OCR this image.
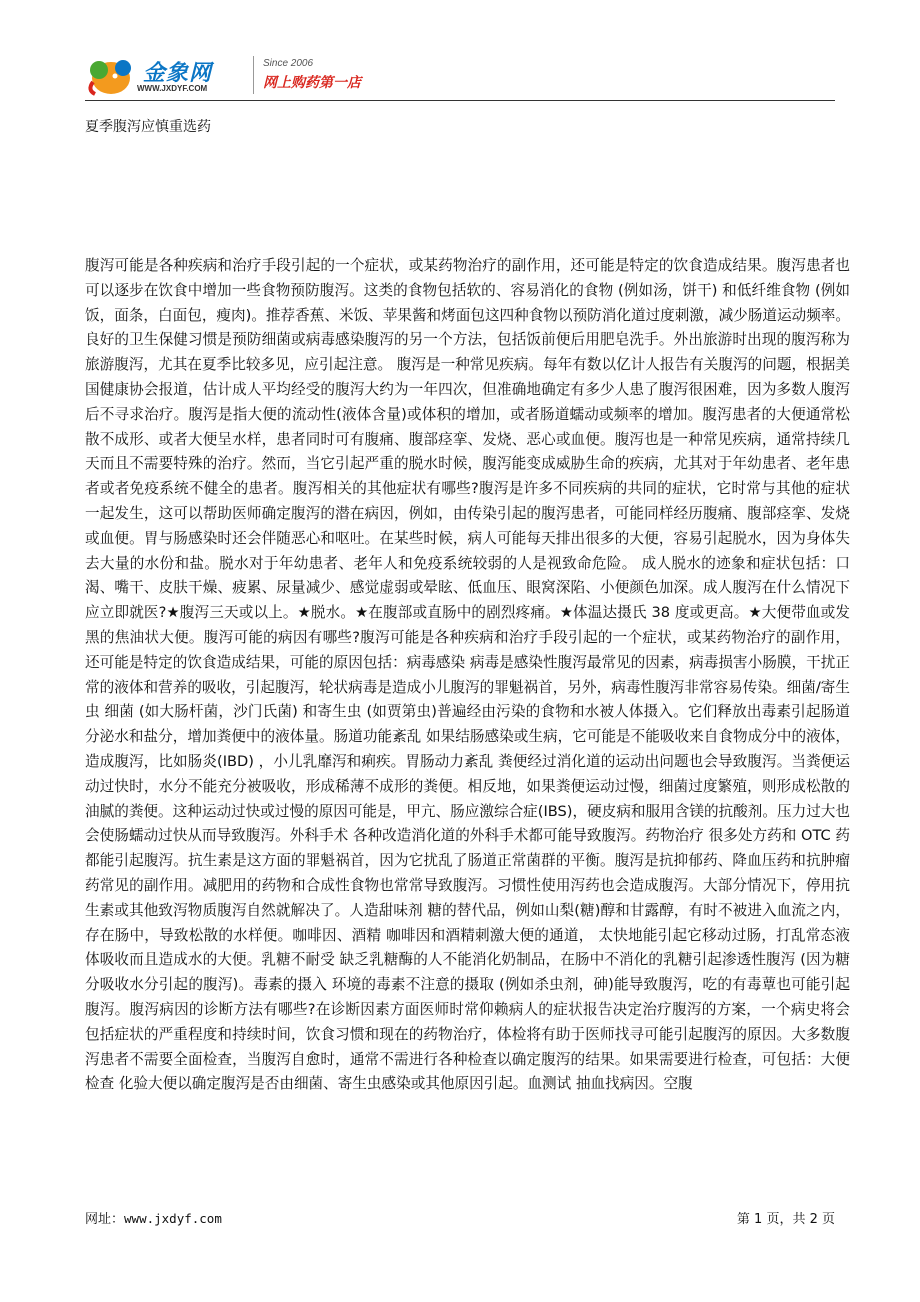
金象网
WWW.JXDYF.COM
Since 2006
网上购药第一店
夏季腹泻应慎重选药
腹泻可能是各种疾病和治疗手段引起的一个症状，或某药物治疗的副作用，还可能是特定的饮食造成结果。腹泻患者也可以逐步在饮食中增加一些食物预防腹泻。这类的食物包括软的、容易消化的食物 (例如汤，饼干) 和低纤维食物 (例如饭，面条，白面包，瘦肉)。推荐香蕉、米饭、苹果酱和烤面包这四种食物以预防消化道过度刺激，减少肠道运动频率。良好的卫生保健习惯是预防细菌或病毒感染腹泻的另一个方法，包括饭前便后用肥皂洗手。外出旅游时出现的腹泻称为旅游腹泻，尤其在夏季比较多见，应引起注意。 腹泻是一种常见疾病。每年有数以亿计人报告有关腹泻的问题，根据美国健康协会报道，估计成人平均经受的腹泻大约为一年四次，但准确地确定有多少人患了腹泻很困难，因为多数人腹泻后不寻求治疗。腹泻是指大便的流动性(液体含量)或体积的增加，或者肠道蠕动或频率的增加。腹泻患者的大便通常松散不成形、或者大便呈水样，患者同时可有腹痛、腹部痉挛、发烧、恶心或血便。腹泻也是一种常见疾病，通常持续几天而且不需要特殊的治疗。然而，当它引起严重的脱水时候，腹泻能变成威胁生命的疾病，尤其对于年幼患者、老年患者或者免疫系统不健全的患者。腹泻相关的其他症状有哪些?腹泻是许多不同疾病的共同的症状，它时常与其他的症状一起发生，这可以帮助医师确定腹泻的潜在病因，例如，由传染引起的腹泻患者，可能同样经历腹痛、腹部痉挛、发烧或血便。胃与肠感染时还会伴随恶心和呕吐。在某些时候，病人可能每天排出很多的大便，容易引起脱水，因为身体失去大量的水份和盐。脱水对于年幼患者、老年人和免疫系统较弱的人是视致命危险。 成人脱水的迹象和症状包括：口渴、嘴干、皮肤干燥、疲累、尿量减少、感觉虚弱或晕眩、低血压、眼窝深陷、小便颜色加深。成人腹泻在什么情况下应立即就医?★腹泻三天或以上。★脱水。★在腹部或直肠中的剧烈疼痛。★体温达摄氏 38 度或更高。★大便带血或发黑的焦油状大便。腹泻可能的病因有哪些?腹泻可能是各种疾病和治疗手段引起的一个症状，或某药物治疗的副作用，还可能是特定的饮食造成结果，可能的原因包括：病毒感染 病毒是感染性腹泻最常见的因素，病毒损害小肠膜，干扰正常的液体和营养的吸收，引起腹泻，轮状病毒是造成小儿腹泻的罪魁祸首，另外，病毒性腹泻非常容易传染。细菌/寄生虫 细菌 (如大肠杆菌，沙门氏菌) 和寄生虫 (如贾第虫)普遍经由污染的食物和水被人体摄入。它们释放出毒素引起肠道分泌水和盐分，增加粪便中的液体量。肠道功能紊乱 如果结肠感染或生病，它可能是不能吸收来自食物成分中的液体，造成腹泻，比如肠炎(IBD) ，小儿乳靡泻和痢疾。胃肠动力紊乱 粪便经过消化道的运动出问题也会导致腹泻。当粪便运动过快时，水分不能充分被吸收，形成稀薄不成形的粪便。相反地，如果粪便运动过慢，细菌过度繁殖，则形成松散的油腻的粪便。这种运动过快或过慢的原因可能是，甲亢、肠应激综合症(IBS)，硬皮病和服用含镁的抗酸剂。压力过大也会使肠蠕动过快从而导致腹泻。外科手术 各种改造消化道的外科手术都可能导致腹泻。药物治疗 很多处方药和 OTC 药都能引起腹泻。抗生素是这方面的罪魁祸首，因为它扰乱了肠道正常菌群的平衡。腹泻是抗抑郁药、降血压药和抗肿瘤药常见的副作用。减肥用的药物和合成性食物也常常导致腹泻。习惯性使用泻药也会造成腹泻。大部分情况下，停用抗生素或其他致泻物质腹泻自然就解决了。人造甜味剂 糖的替代品，例如山梨(糖)醇和甘露醇，有时不被进入血流之内，存在肠中，导致松散的水样便。咖啡因、酒精 咖啡因和酒精刺激大便的通道， 太快地能引起它移动过肠，打乱常态液体吸收而且造成水的大便。乳糖不耐受 缺乏乳糖酶的人不能消化奶制品，在肠中不消化的乳糖引起渗透性腹泻 (因为糖分吸收水分引起的腹泻)。毒素的摄入 环境的毒素不注意的摄取 (例如杀虫剂，砷)能导致腹泻，吃的有毒蕈也可能引起腹泻。腹泻病因的诊断方法有哪些?在诊断因素方面医师时常仰赖病人的症状报告决定治疗腹泻的方案，一个病史将会包括症状的严重程度和持续时间，饮食习惯和现在的药物治疗，体检将有助于医师找寻可能引起腹泻的原因。大多数腹泻患者不需要全面检查，当腹泻自愈时，通常不需进行各种检查以确定腹泻的结果。如果需要进行检查，可包括：大便检查 化验大便以确定腹泻是否由细菌、寄生虫感染或其他原因引起。血测试 抽血找病因。空腹
网址：www.jxdyf.com	第 1 页，共 2 页
